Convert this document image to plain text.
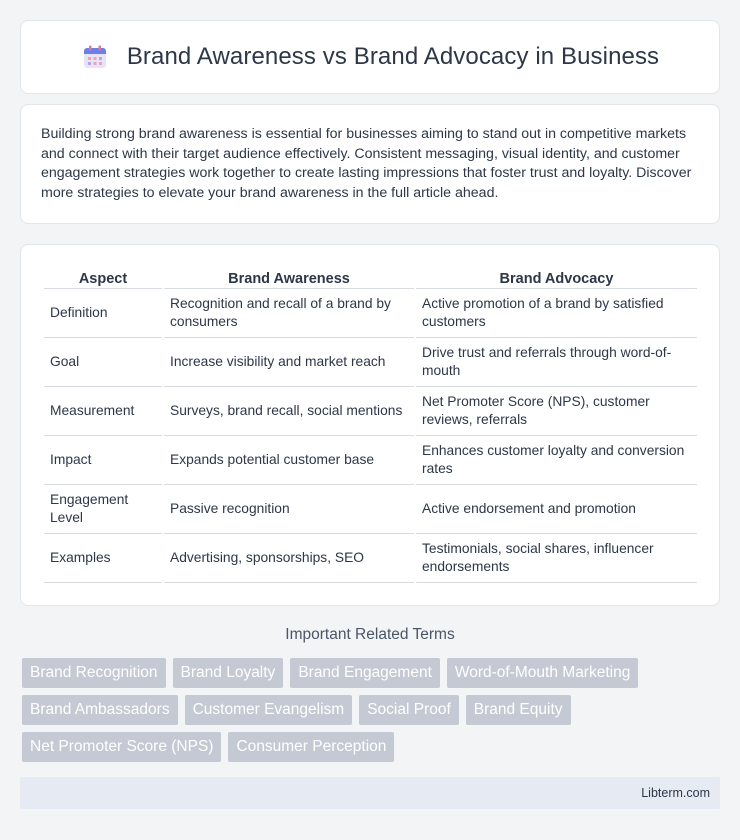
Brand Awareness vs Brand Advocacy in Business

Building strong brand awareness is essential for businesses aiming to stand out in competitive markets and connect with their target audience effectively. Consistent messaging, visual identity, and customer engagement strategies work together to create lasting impressions that foster trust and loyalty. Discover more strategies to elevate your brand awareness in the full article ahead.

Aspect	Brand Awareness	Brand Advocacy
Definition	Recognition and recall of a brand by consumers	Active promotion of a brand by satisfied customers
Goal	Increase visibility and market reach	Drive trust and referrals through word-of-mouth
Measurement	Surveys, brand recall, social mentions	Net Promoter Score (NPS), customer reviews, referrals
Impact	Expands potential customer base	Enhances customer loyalty and conversion rates
Engagement Level	Passive recognition	Active endorsement and promotion
Examples	Advertising, sponsorships, SEO	Testimonials, social shares, influencer endorsements
Important Related Terms
Brand Recognition	Brand Loyalty	Brand Engagement	Word-of-Mouth Marketing
Brand Ambassadors	Customer Evangelism	Social Proof	Brand Equity
Net Promoter Score (NPS)	Consumer Perception
Libterm.com
